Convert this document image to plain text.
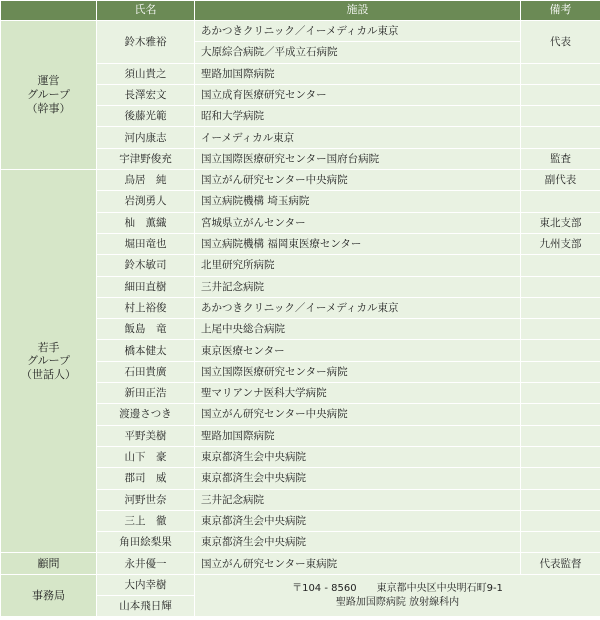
	氏名	施設	備考

運営
グループ
（幹事）	鈴木雅裕	あかつきクリニック／イーメディカル東京	代表
		大原綜合病院／平成立石病院	
	須山貴之	聖路加国際病院	
	長澤宏文	国立成育医療研究センター	
	後藤光範	昭和大学病院	
	河内康志	イーメディカル東京	
	宇津野俊充	国立国際医療研究センター国府台病院	監査

若手
グループ
（世話人）	鳥居　純	国立がん研究センター中央病院	副代表
	岩渕勇人	国立病院機構 埼玉病院	
	杣　薫織	宮城県立がんセンター	東北支部
	堀田竜也	国立病院機構 福岡東医療センター	九州支部
	鈴木敏司	北里研究所病院	
	細田直樹	三井記念病院	
	村上裕俊	あかつきクリニック／イーメディカル東京	
	飯島　竜	上尾中央総合病院	
	橋本健太	東京医療センター	
	石田貴廣	国立国際医療研究センター病院	
	新田正浩	聖マリアンナ医科大学病院	
	渡邊さつき	国立がん研究センター中央病院	
	平野美樹	聖路加国際病院	
	山下　豪	東京都済生会中央病院	
	郡司　威	東京都済生会中央病院	
	河野世奈	三井記念病院	
	三上　徹	東京都済生会中央病院	
	角田絵梨果	東京都済生会中央病院	
顧問	永井優一	国立がん研究センター東病院	代表監督
事務局	大内幸樹	〒104 - 8560　　東京都中央区中央明石町9-1
聖路加国際病院 放射線科内	

	山本飛日輝		
